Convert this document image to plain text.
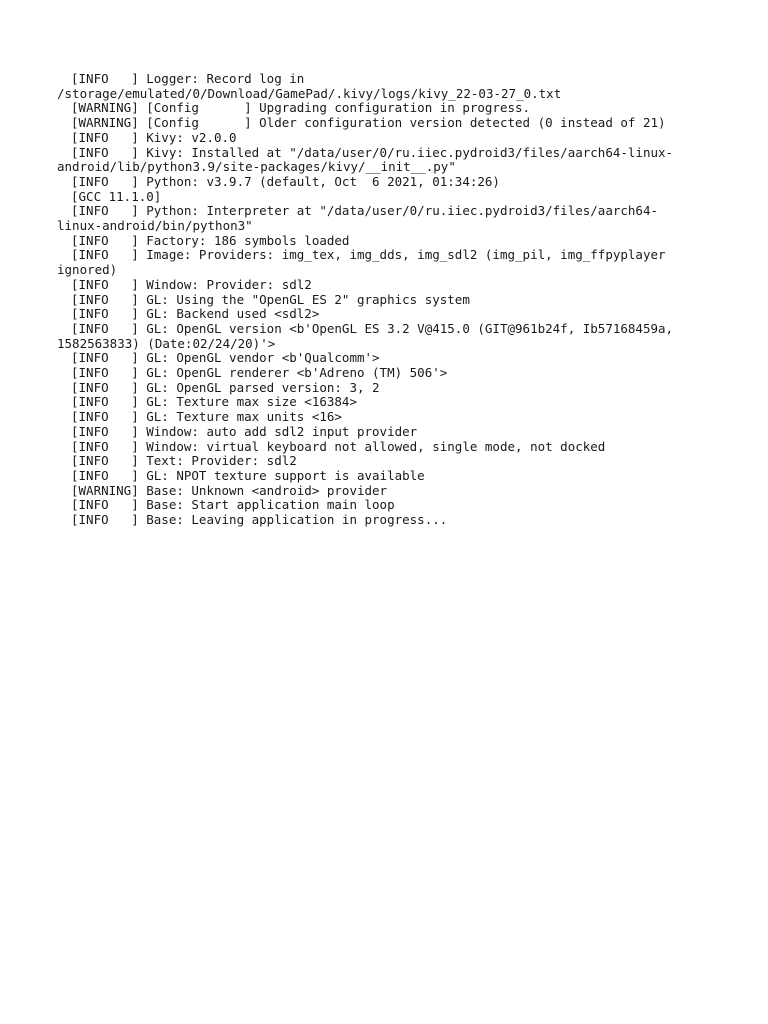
[INFO   ] Logger: Record log in
/storage/emulated/0/Download/GamePad/.kivy/logs/kivy_22-03-27_0.txt
[WARNING] [Config      ] Upgrading configuration in progress.
[WARNING] [Config      ] Older configuration version detected (0 instead of 21)
[INFO   ] Kivy: v2.0.0
[INFO   ] Kivy: Installed at "/data/user/0/ru.iiec.pydroid3/files/aarch64-linux-
android/lib/python3.9/site-packages/kivy/__init__.py"
[INFO   ] Python: v3.9.7 (default, Oct  6 2021, 01:34:26)
[GCC 11.1.0]
[INFO   ] Python: Interpreter at "/data/user/0/ru.iiec.pydroid3/files/aarch64-
linux-android/bin/python3"
[INFO   ] Factory: 186 symbols loaded
[INFO   ] Image: Providers: img_tex, img_dds, img_sdl2 (img_pil, img_ffpyplayer
ignored)
[INFO   ] Window: Provider: sdl2
[INFO   ] GL: Using the "OpenGL ES 2" graphics system
[INFO   ] GL: Backend used <sdl2>
[INFO   ] GL: OpenGL version <b'OpenGL ES 3.2 V@415.0 (GIT@961b24f, Ib57168459a,
1582563833) (Date:02/24/20)'>
[INFO   ] GL: OpenGL vendor <b'Qualcomm'>
[INFO   ] GL: OpenGL renderer <b'Adreno (TM) 506'>
[INFO   ] GL: OpenGL parsed version: 3, 2
[INFO   ] GL: Texture max size <16384>
[INFO   ] GL: Texture max units <16>
[INFO   ] Window: auto add sdl2 input provider
[INFO   ] Window: virtual keyboard not allowed, single mode, not docked
[INFO   ] Text: Provider: sdl2
[INFO   ] GL: NPOT texture support is available
[WARNING] Base: Unknown <android> provider
[INFO   ] Base: Start application main loop
[INFO   ] Base: Leaving application in progress...
